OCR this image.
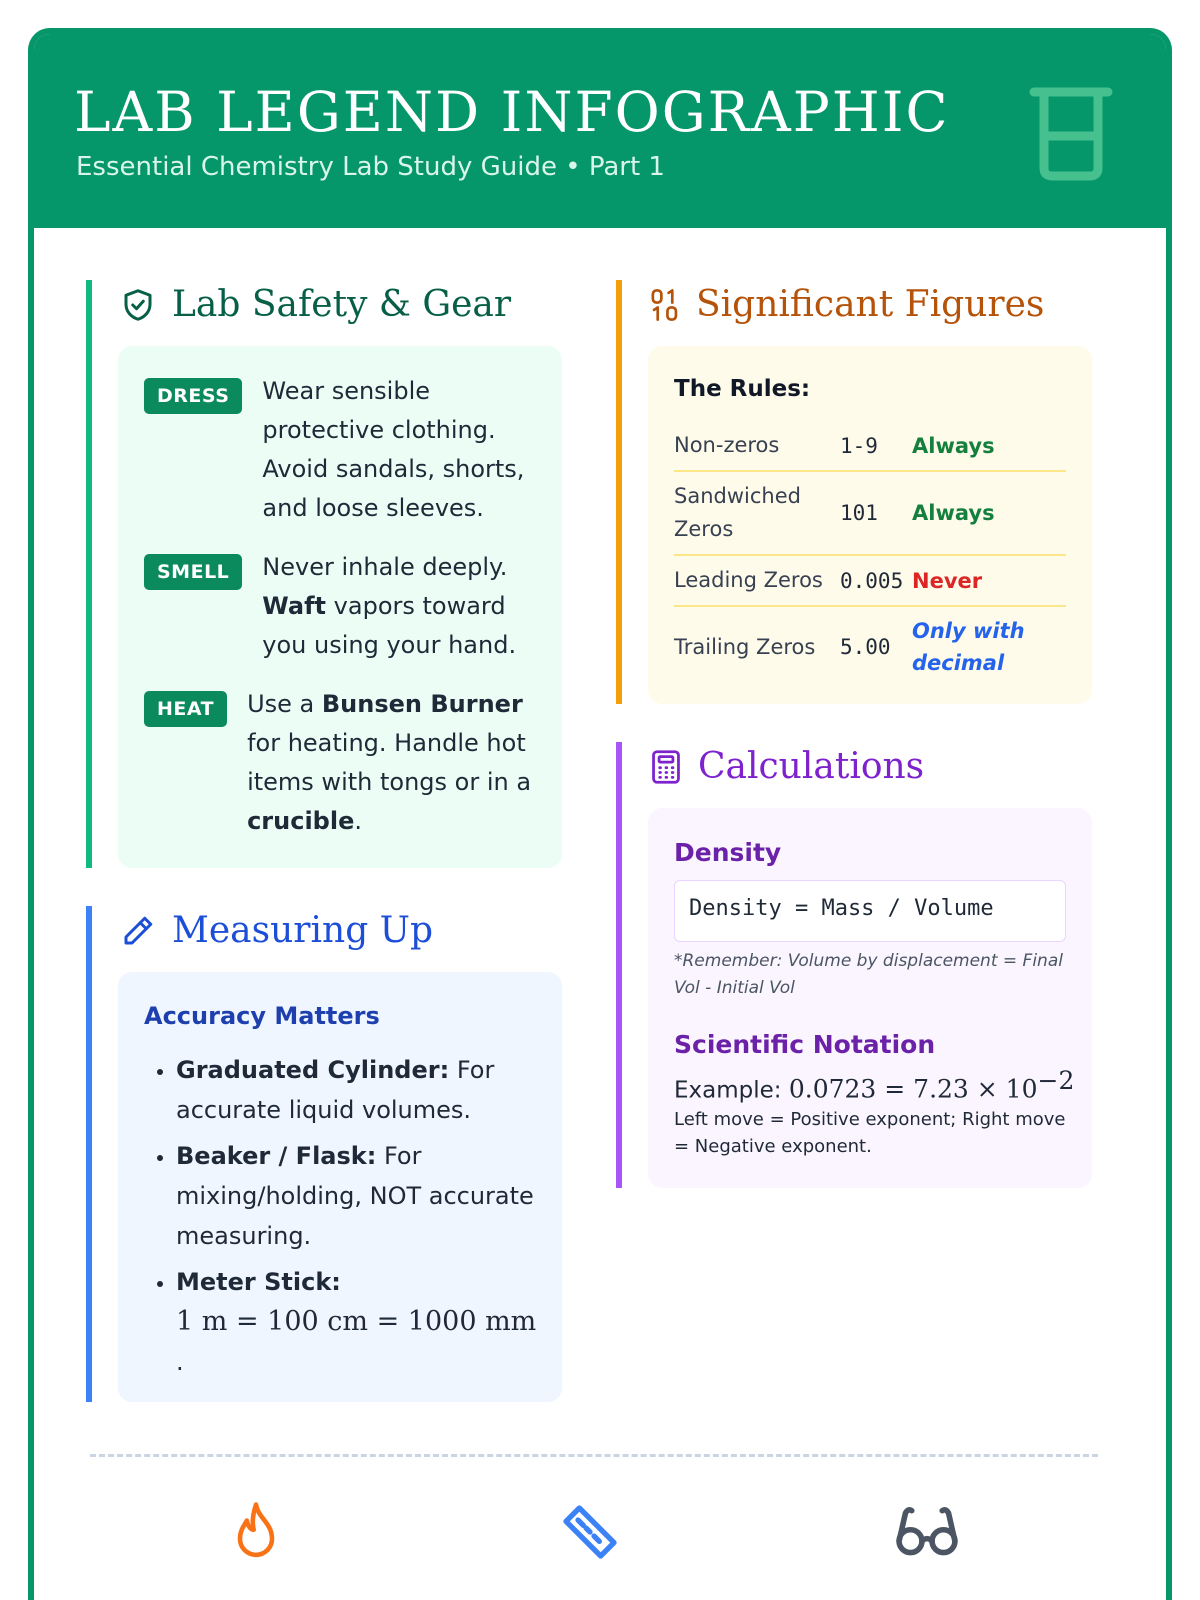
LAB LEGEND INFOGRAPHIC
Essential Chemistry Lab Study Guide • Part 1
Lab Safety & Gear
DRESS	Wear sensible protective clothing. Avoid sandals, shorts, and loose sleeves.
SMELL	Never inhale deeply. Waft vapors toward you using your hand.
HEAT	Use a Bunsen Burner for heating. Handle hot items with tongs or in a crucible.
Measuring Up
Accuracy Matters
• Graduated Cylinder: For accurate liquid volumes.
• Beaker / Flask: For mixing/holding, NOT accurate measuring.
• Meter Stick:
1 m = 100 cm = 1000 mm
.
Significant Figures
The Rules:
Non-zeros	1-9	Always
Sandwiched Zeros	101	Always
Leading Zeros	0.005	Never
Trailing Zeros	5.00	Only with decimal
Calculations
Density
Density = Mass / Volume
*Remember: Volume by displacement = Final Vol - Initial Vol
Scientific Notation
Example: $0.0723 = 7.23 \times 10^{-2}$
Left move = Positive exponent; Right move = Negative exponent.
